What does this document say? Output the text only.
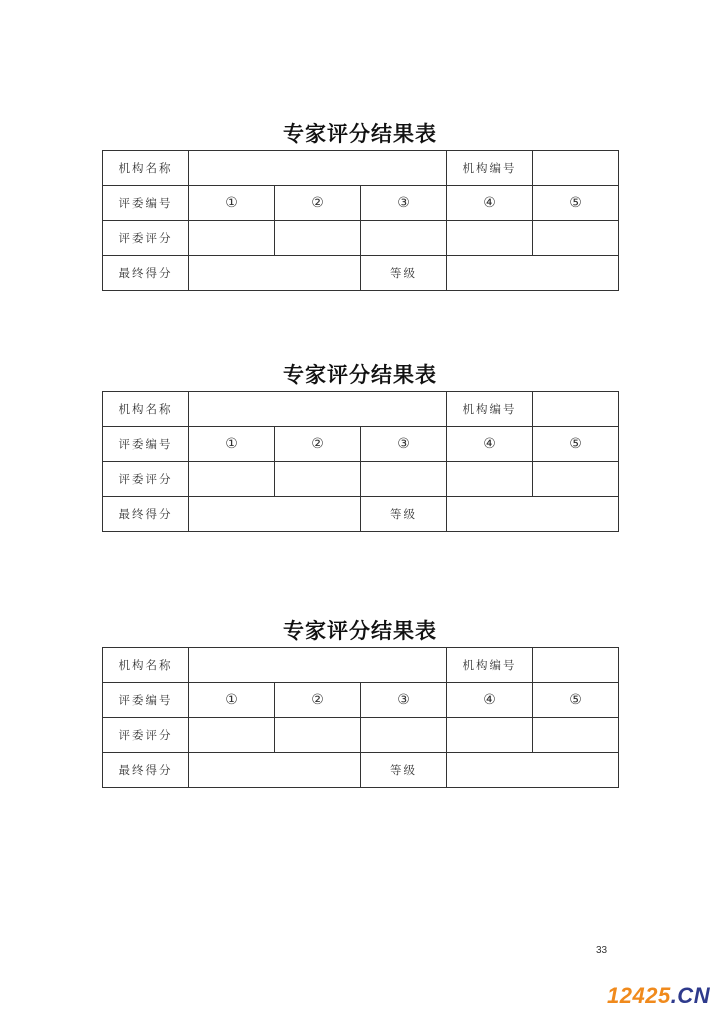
专家评分结果表
机构名称				机构编号	
评委编号	①	②	③	④	⑤
评委评分					
最终得分			等级		
专家评分结果表
机构名称				机构编号	
评委编号	①	②	③	④	⑤
评委评分					
最终得分			等级		
专家评分结果表
机构名称				机构编号	
评委编号	①	②	③	④	⑤
评委评分					
最终得分			等级		
33
12425.CN
